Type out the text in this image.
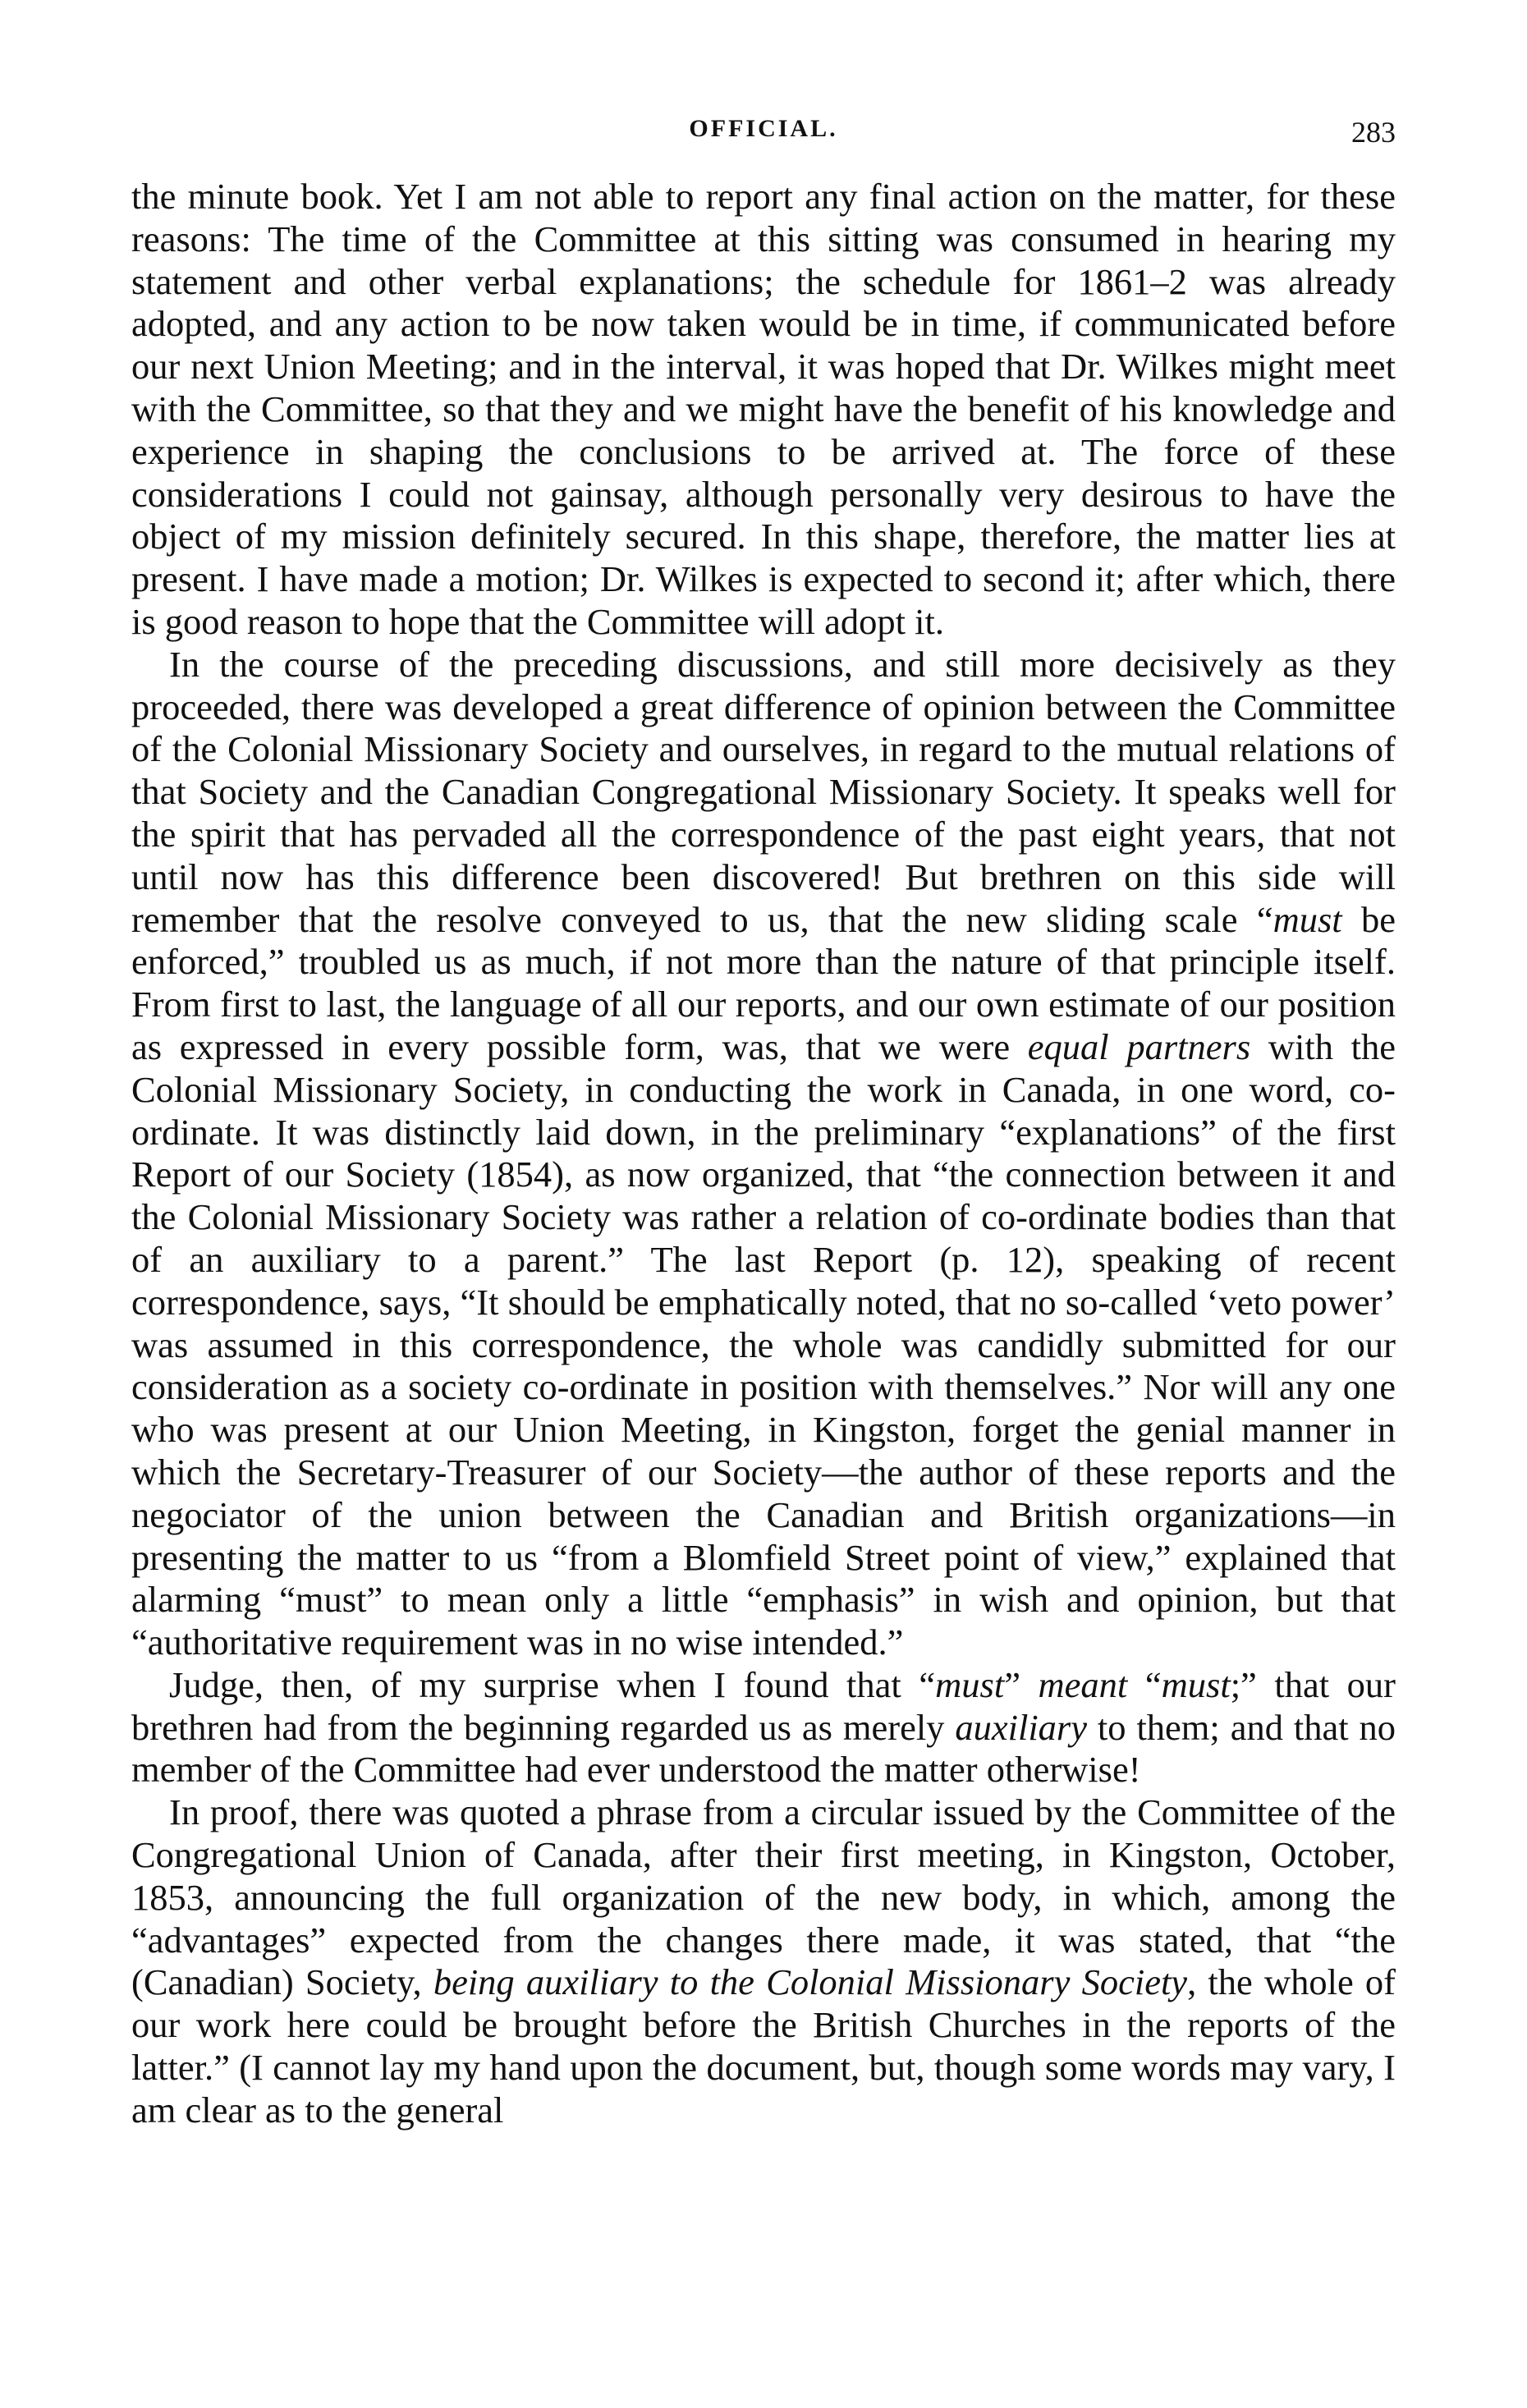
OFFICIAL.	283

the minute book. Yet I am not able to report any final action on the matter, for these reasons: The time of the Committee at this sitting was consumed in hearing my statement and other verbal explanations; the schedule for 1861–2 was already adopted, and any action to be now taken would be in time, if communicated before our next Union Meeting; and in the interval, it was hoped that Dr. Wilkes might meet with the Committee, so that they and we might have the benefit of his knowledge and experience in shaping the conclusions to be arrived at. The force of these considerations I could not gainsay, although personally very desirous to have the object of my mission definitely secured. In this shape, therefore, the matter lies at present. I have made a motion; Dr. Wilkes is expected to second it; after which, there is good reason to hope that the Committee will adopt it.

In the course of the preceding discussions, and still more decisively as they proceeded, there was developed a great difference of opinion between the Committee of the Colonial Missionary Society and ourselves, in regard to the mutual relations of that Society and the Canadian Congregational Missionary Society. It speaks well for the spirit that has pervaded all the correspondence of the past eight years, that not until now has this difference been discovered! But brethren on this side will remember that the resolve conveyed to us, that the new sliding scale “must be enforced,” troubled us as much, if not more than the nature of that principle itself. From first to last, the language of all our reports, and our own estimate of our position as expressed in every possible form, was, that we were equal partners with the Colonial Missionary Society, in conducting the work in Canada, in one word, co-ordinate. It was distinctly laid down, in the preliminary “explanations” of the first Report of our Society (1854), as now organized, that “the connection between it and the Colonial Missionary Society was rather a relation of co-ordinate bodies than that of an auxiliary to a parent.” The last Report (p. 12), speaking of recent correspondence, says, “It should be emphatically noted, that no so-called ‘veto power’ was assumed in this correspondence, the whole was candidly submitted for our consideration as a society co-ordinate in position with themselves.” Nor will any one who was present at our Union Meeting, in Kingston, forget the genial manner in which the Secretary-Treasurer of our Society—the author of these reports and the negociator of the union between the Canadian and British organizations—in presenting the matter to us “from a Blomfield Street point of view,” explained that alarming “must” to mean only a little “emphasis” in wish and opinion, but that “authoritative requirement was in no wise intended.”

Judge, then, of my surprise when I found that “must” meant “must;” that our brethren had from the beginning regarded us as merely auxiliary to them; and that no member of the Committee had ever understood the matter otherwise!

In proof, there was quoted a phrase from a circular issued by the Committee of the Congregational Union of Canada, after their first meeting, in Kingston, October, 1853, announcing the full organization of the new body, in which, among the “advantages” expected from the changes there made, it was stated, that “the (Canadian) Society, being auxiliary to the Colonial Missionary Society, the whole of our work here could be brought before the British Churches in the reports of the latter.” (I cannot lay my hand upon the document, but, though some words may vary, I am clear as to the general
